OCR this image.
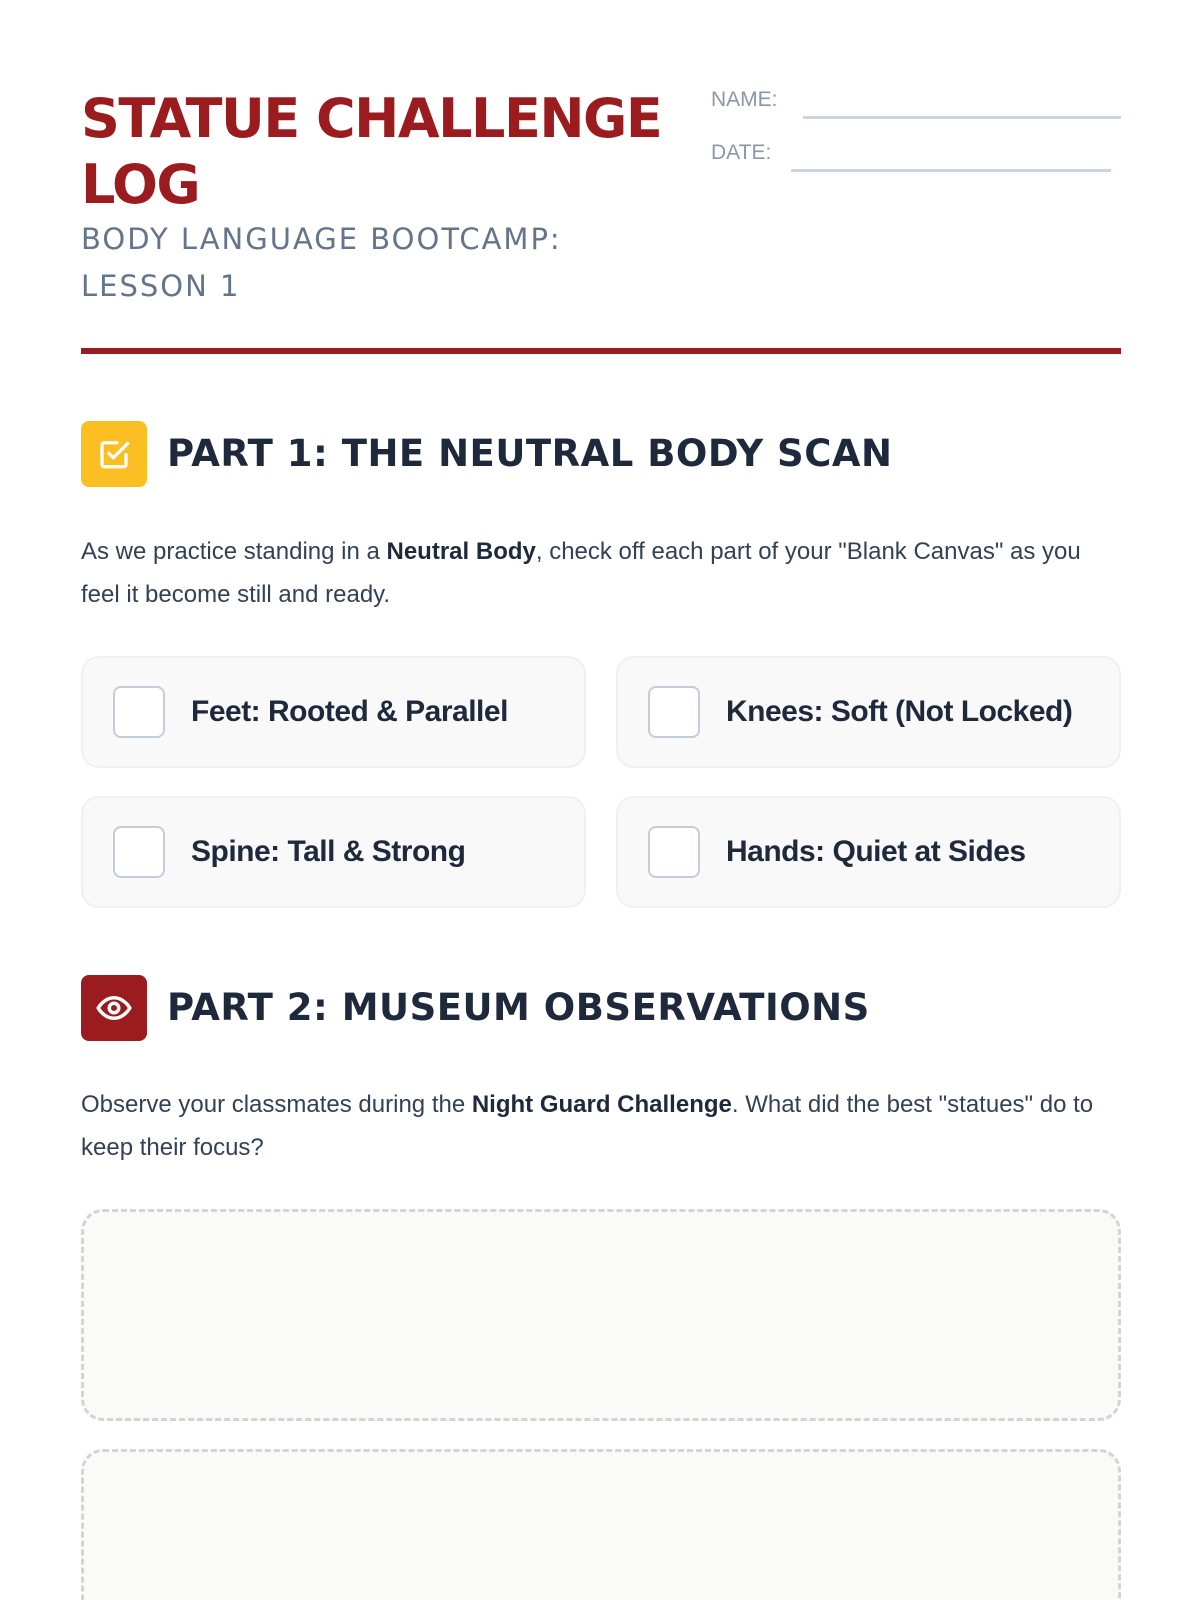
STATUE CHALLENGE LOG
BODY LANGUAGE BOOTCAMP: LESSON 1
NAME:
DATE:
PART 1: THE NEUTRAL BODY SCAN

As we practice standing in a Neutral Body, check off each part of your "Blank Canvas" as you feel it become still and ready.

Feet: Rooted & Parallel	Knees: Soft (Not Locked)
Spine: Tall & Strong	Hands: Quiet at Sides
PART 2: MUSEUM OBSERVATIONS

Observe your classmates during the Night Guard Challenge. What did the best "statues" do to keep their focus?
